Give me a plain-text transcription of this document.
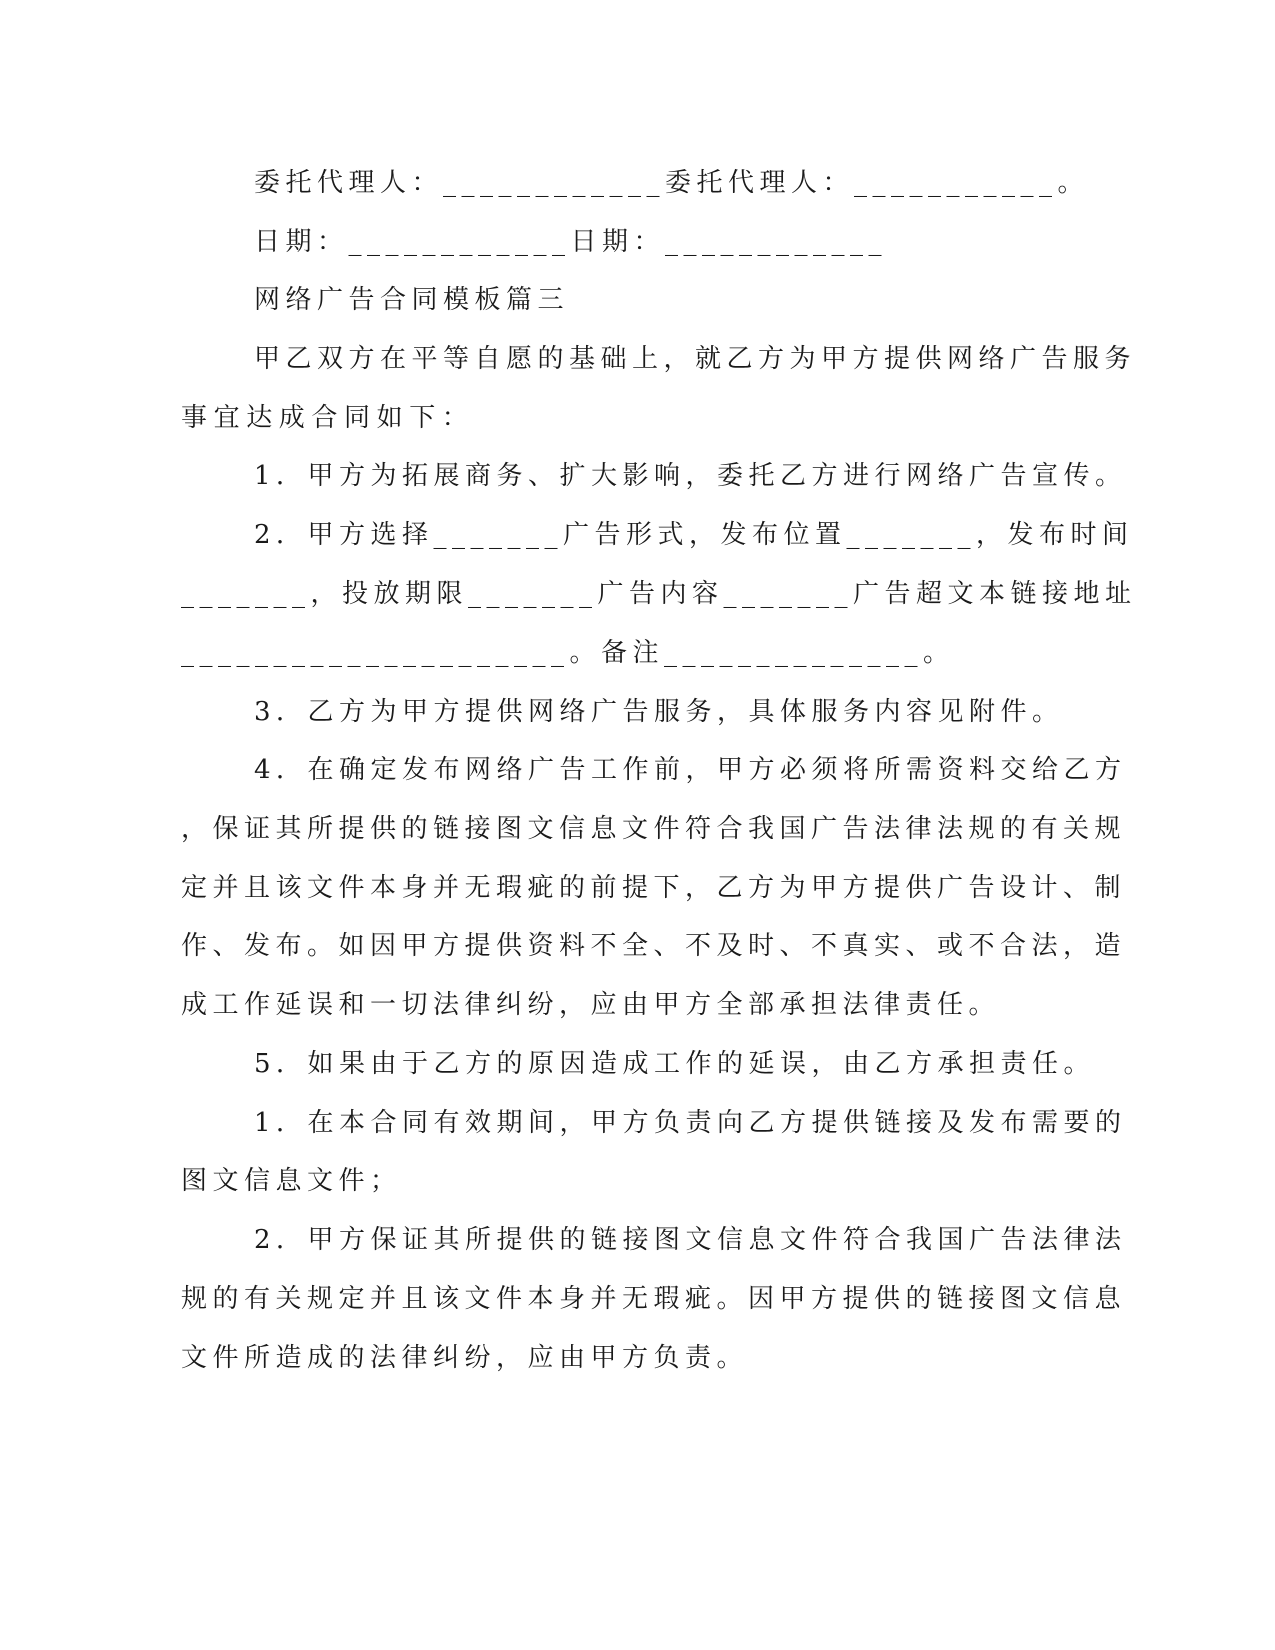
委托代理人：____________委托代理人：___________。

日期：____________日期：____________

网络广告合同模板篇三

甲乙双方在平等自愿的基础上，就乙方为甲方提供网络广告服务

事宜达成合同如下：

1．甲方为拓展商务、扩大影响，委托乙方进行网络广告宣传。

2．甲方选择_______广告形式，发布位置_______，发布时间

_______，投放期限_______广告内容_______广告超文本链接地址

_____________________。备注______________。

3．乙方为甲方提供网络广告服务，具体服务内容见附件。

4．在确定发布网络广告工作前，甲方必须将所需资料交给乙方

，保证其所提供的链接图文信息文件符合我国广告法律法规的有关规

定并且该文件本身并无瑕疵的前提下，乙方为甲方提供广告设计、制

作、发布。如因甲方提供资料不全、不及时、不真实、或不合法，造

成工作延误和一切法律纠纷，应由甲方全部承担法律责任。

5．如果由于乙方的原因造成工作的延误，由乙方承担责任。

1．在本合同有效期间，甲方负责向乙方提供链接及发布需要的

图文信息文件；

2．甲方保证其所提供的链接图文信息文件符合我国广告法律法

规的有关规定并且该文件本身并无瑕疵。因甲方提供的链接图文信息

文件所造成的法律纠纷，应由甲方负责。
